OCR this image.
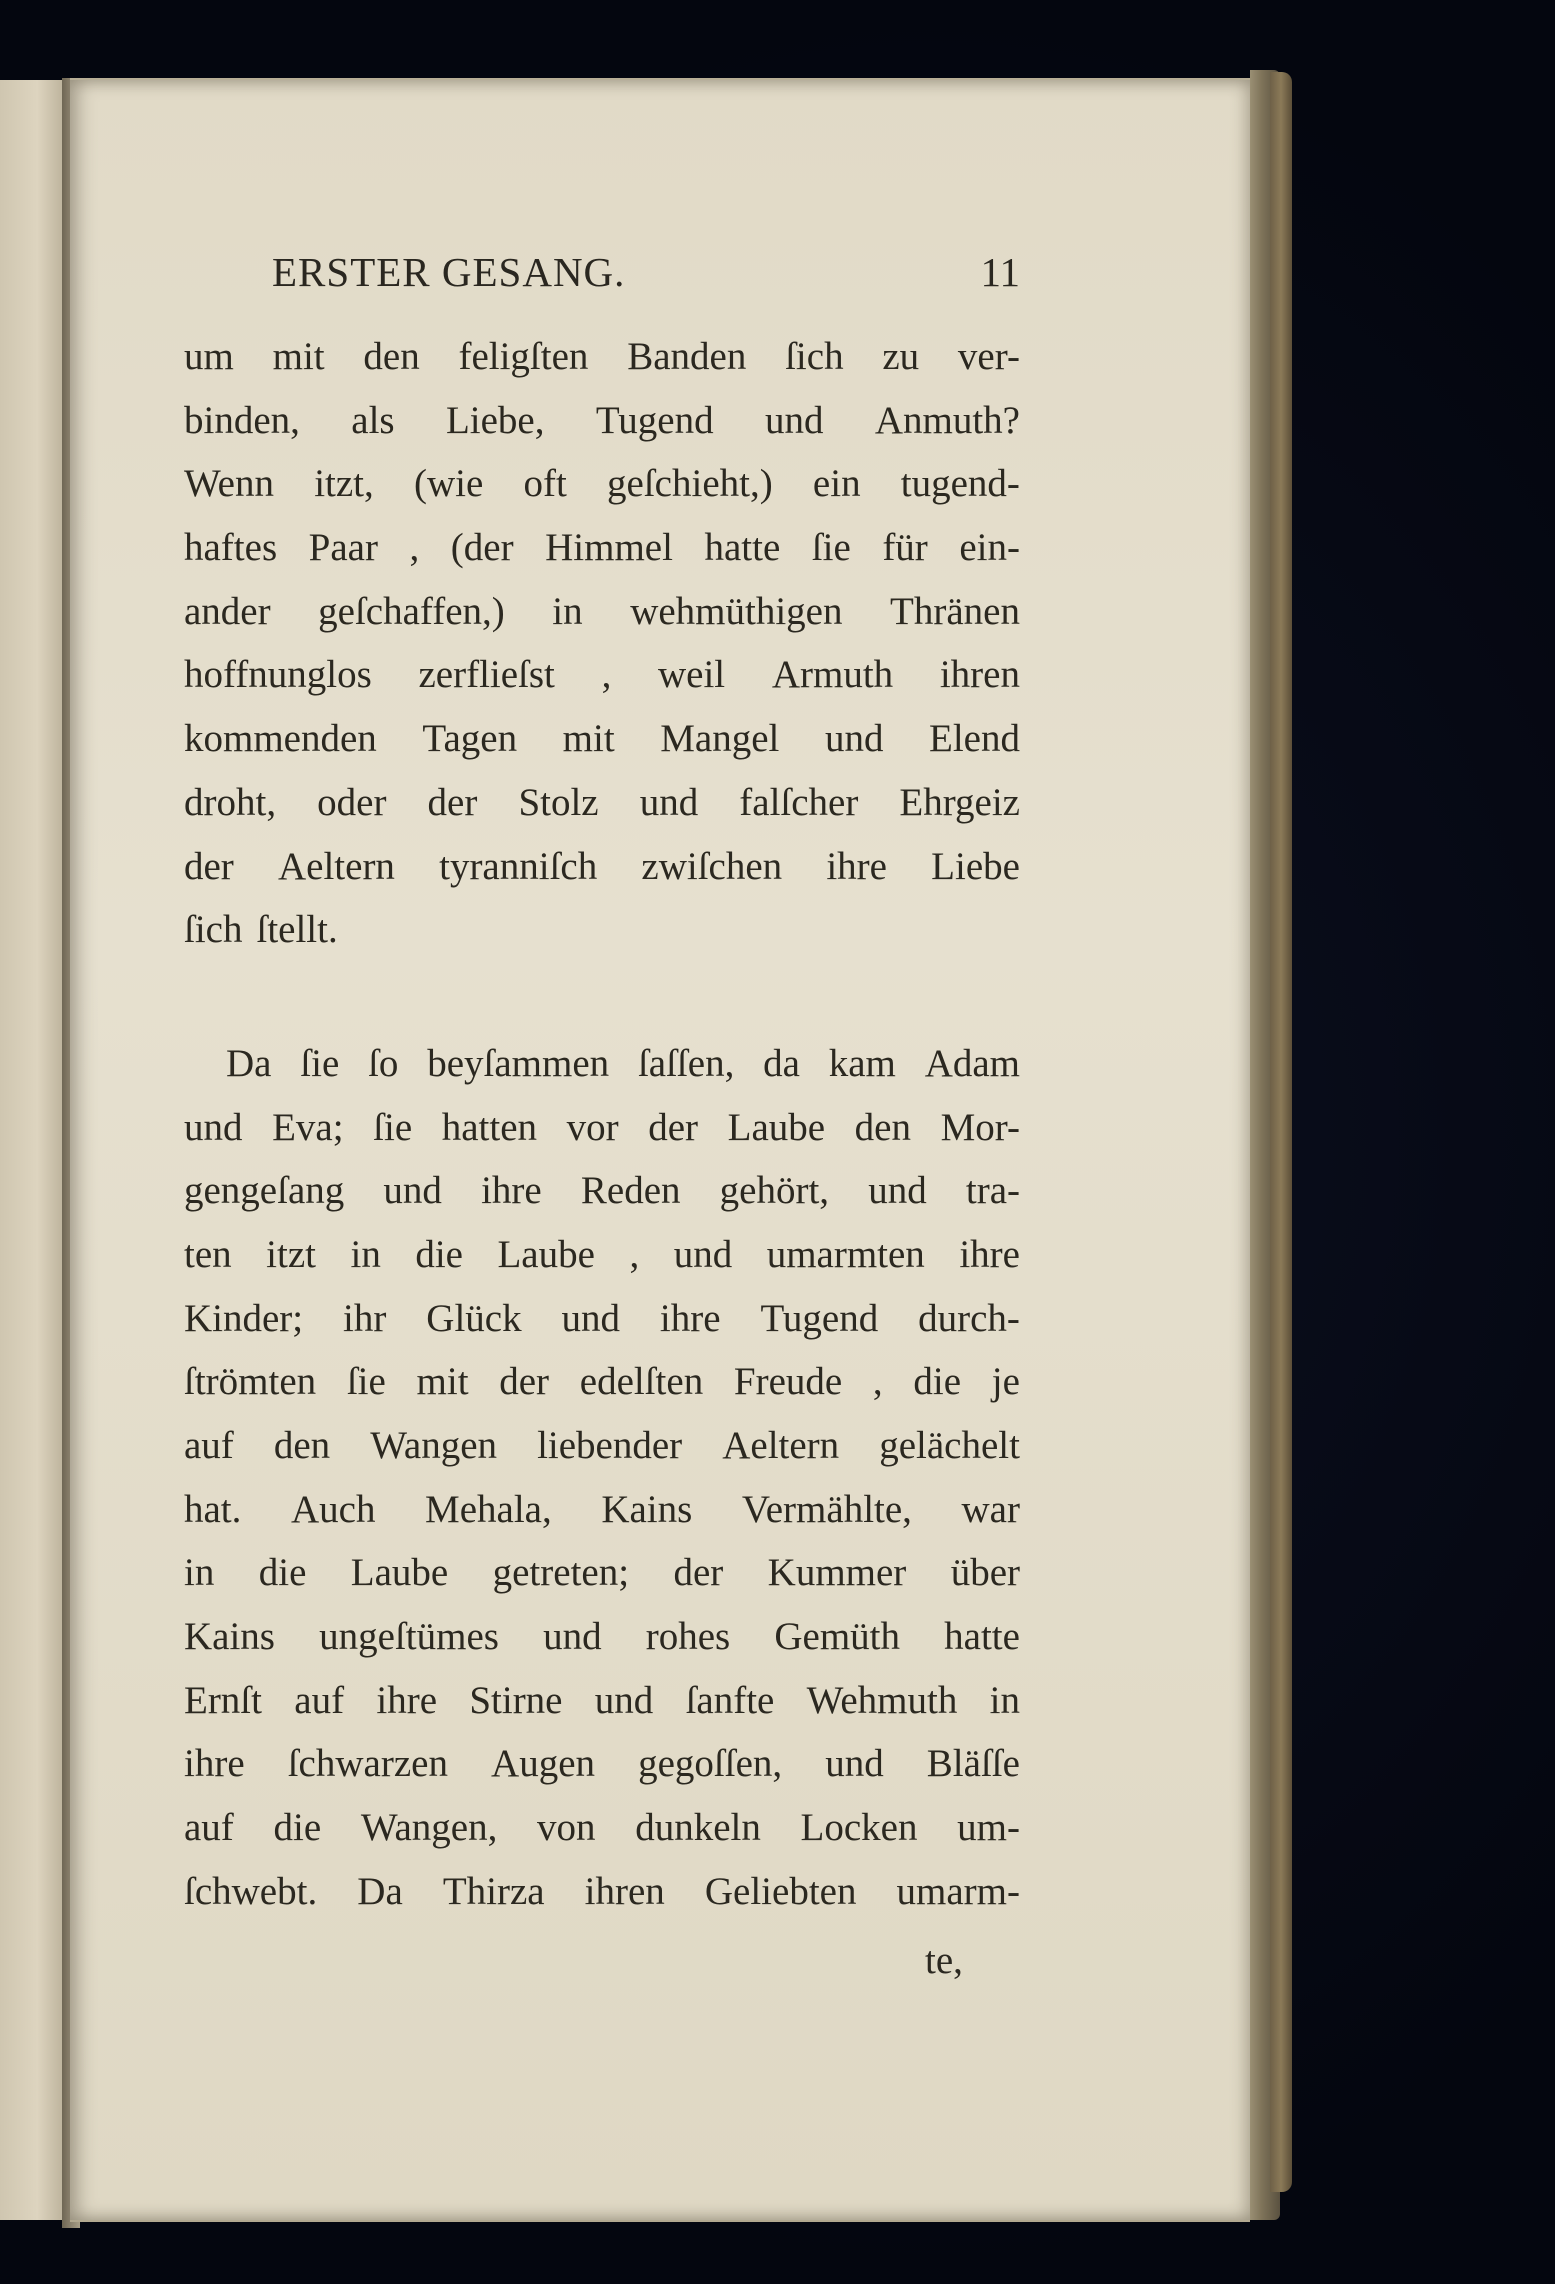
ERSTER GESANG.	11
um mit den feligſten Banden ſich zu ver-
binden, als Liebe, Tugend und Anmuth?
Wenn itzt, (wie oft geſchieht,) ein tugend-
haftes Paar , (der Himmel hatte ſie für ein-
ander geſchaffen,) in wehmüthigen Thränen
hoffnunglos zerflieſst , weil Armuth ihren
kommenden Tagen mit Mangel und Elend
droht, oder der Stolz und falſcher Ehrgeiz
der Aeltern tyranniſch zwiſchen ihre Liebe
ſich ſtellt.
Da ſie ſo beyſammen ſaſſen, da kam Adam
und Eva; ſie hatten vor der Laube den Mor-
gengeſang und ihre Reden gehört, und tra-
ten itzt in die Laube , und umarmten ihre
Kinder; ihr Glück und ihre Tugend durch-
ſtrömten ſie mit der edelſten Freude , die je
auf den Wangen liebender Aeltern gelächelt
hat. Auch Mehala, Kains Vermählte, war
in die Laube getreten; der Kummer über
Kains ungeſtümes und rohes Gemüth hatte
Ernſt auf ihre Stirne und ſanfte Wehmuth in
ihre ſchwarzen Augen gegoſſen, und Bläſſe
auf die Wangen, von dunkeln Locken um-
ſchwebt. Da Thirza ihren Geliebten umarm-
te,
